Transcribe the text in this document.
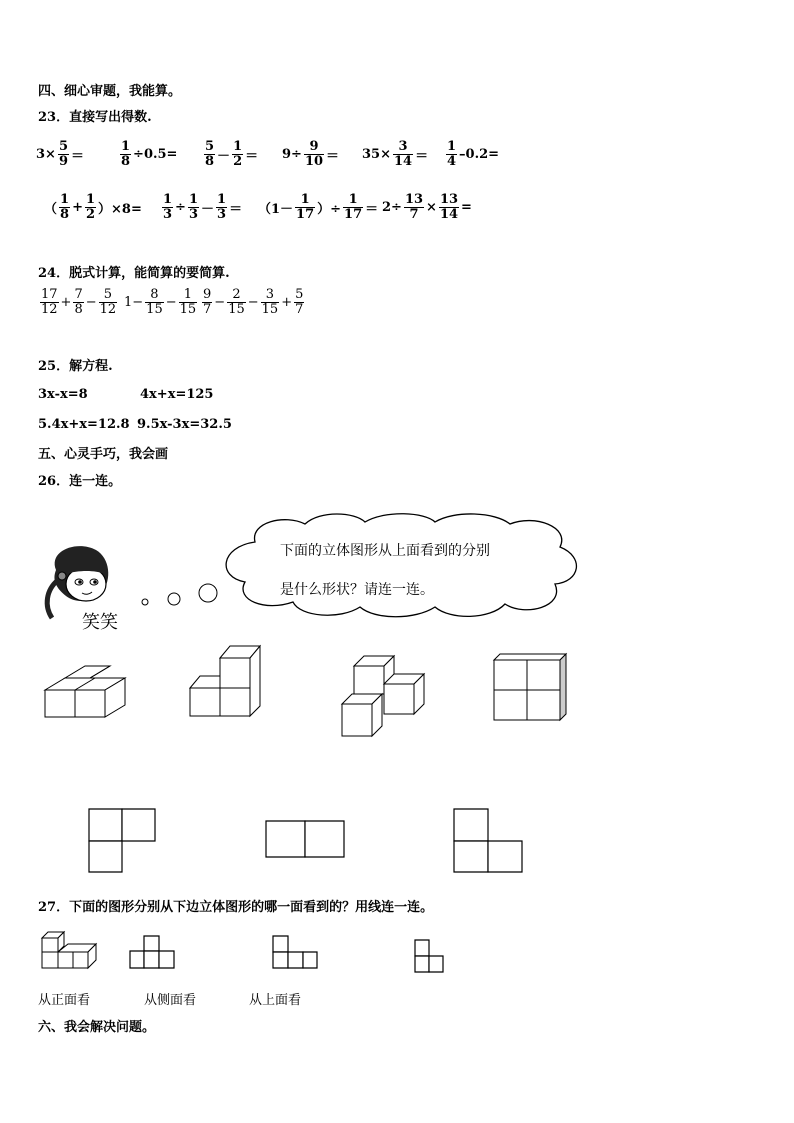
四、细心审题，我能算。
23．直接写出得数.
$3\times \frac{5}{9}$ ＝	$\frac{1}{8} \div 0.5= \frac{5}{8} - \frac{1}{2} = 9\div \frac{9}{10} = 35\times \frac{3}{14} = \frac{1}{4} -0.2=$
（ $\frac{1}{8} + \frac{1}{2} )\times 8= \frac{1}{3} \div \frac{1}{3} - \frac{1}{3} = (1- \frac{1}{17}$ ）÷ $\frac{1}{17} = 2\div \frac{13}{7} \times \frac{13}{14}$ =
24．脱式计算，能简算的要简算.
$\frac{17}{12} + \frac{7}{8} - \frac{5}{12} 1- \frac{8}{15} - \frac{1}{15} \frac{9}{7} - \frac{2}{15} - \frac{3}{15} + \frac{5}{7}$
25．解方程.
3x-x=8	4x+x=125
5.4x+x=12.8 9.5x-3x=32.5
五、心灵手巧，我会画
26．连一连。
下面的立体图形从上面看到的分别
是什么形状？请连一连。
笑笑
27．下面的图形分别从下边立体图形的哪一面看到的？用线连一连。
从正面看	从侧面看	从上面看
六、我会解决问题。
